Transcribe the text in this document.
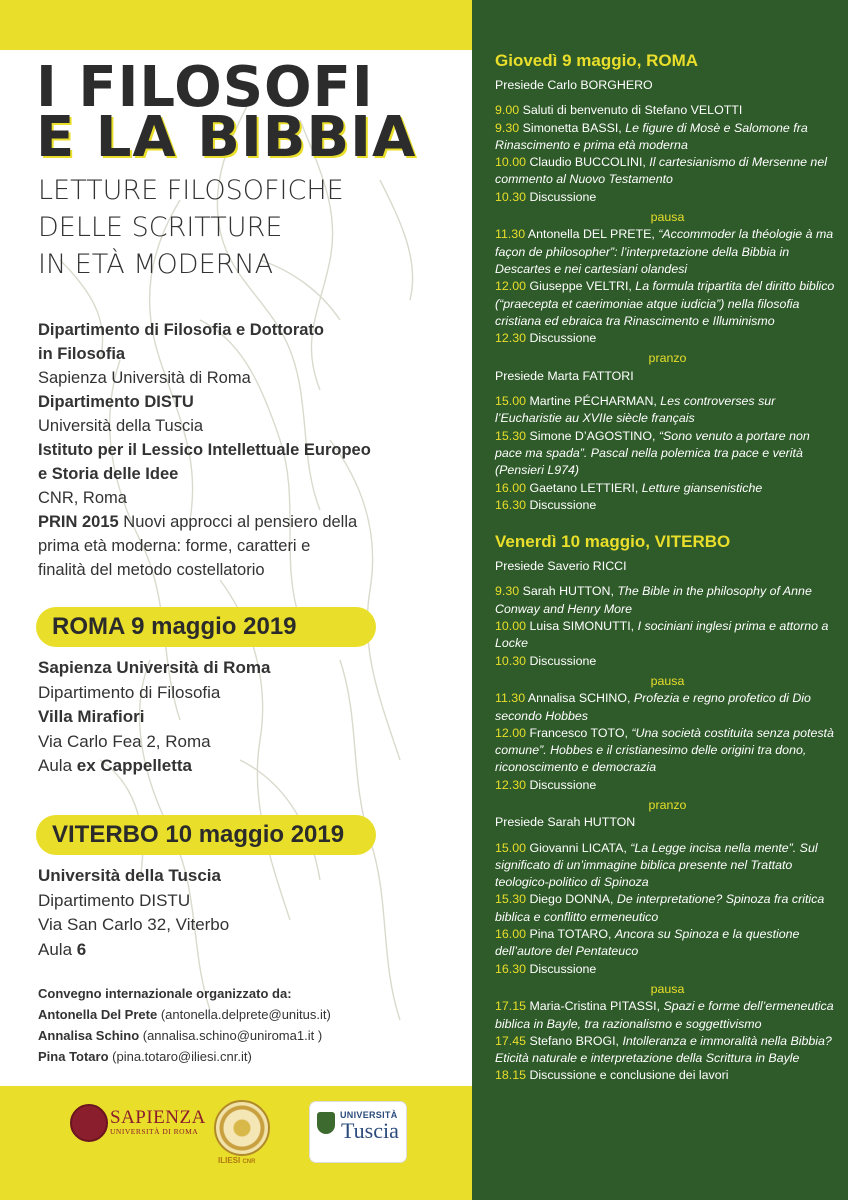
I FILOSOFI
E LA BIBBIA
LETTURE FILOSOFICHE
DELLE SCRITTURE
IN ETÀ MODERNA
Dipartimento di Filosofia e Dottorato
in Filosofia
Sapienza Università di Roma
Dipartimento DISTU
Università della Tuscia
Istituto per il Lessico Intellettuale Europeo
e Storia delle Idee
CNR, Roma
PRIN 2015 Nuovi approcci al pensiero della
prima età moderna: forme, caratteri e
finalità del metodo costellatorio
ROMA 9 maggio 2019
Sapienza Università di Roma
Dipartimento di Filosofia
Villa Mirafiori
Via Carlo Fea 2, Roma
Aula ex Cappelletta
VITERBO 10 maggio 2019
Università della Tuscia
Dipartimento DISTU
Via San Carlo 32, Viterbo
Aula 6
Convegno internazionale organizzato da:
Antonella Del Prete (antonella.delprete@unitus.it)
Annalisa Schino (annalisa.schino@uniroma1.it )
Pina Totaro (pina.totaro@iliesi.cnr.it)
SAPIENZA
UNIVERSITÀ DI ROMA
ILIESI CNR
UNIVERSITÀ
Tuscia
Giovedì 9 maggio, ROMA
Presiede Carlo BORGHERO
9.00 Saluti di benvenuto di Stefano VELOTTI
9.30 Simonetta BASSI, Le figure di Mosè e Salomone fra Rinascimento e prima età moderna
10.00 Claudio BUCCOLINI, Il cartesianismo di Mersenne nel commento al Nuovo Testamento
10.30 Discussione
pausa
11.30 Antonella DEL PRETE, “Accommoder la théologie à ma façon de philosopher”: l’interpretazione della Bibbia in Descartes e nei cartesiani olandesi
12.00 Giuseppe VELTRI, La formula tripartita del diritto biblico (“praecepta et caerimoniae atque iudicia”) nella filosofia cristiana ed ebraica tra Rinascimento e Illuminismo
12.30 Discussione
pranzo
Presiede Marta FATTORI
15.00 Martine PÉCHARMAN, Les controverses sur l’Eucharistie au XVIIe siècle français
15.30 Simone D’AGOSTINO, “Sono venuto a portare non pace ma spada”. Pascal nella polemica tra pace e verità (Pensieri L974)
16.00 Gaetano LETTIERI, Letture giansenistiche
16.30 Discussione
Venerdì 10 maggio, VITERBO
Presiede Saverio RICCI
9.30 Sarah HUTTON, The Bible in the philosophy of Anne Conway and Henry More
10.00 Luisa SIMONUTTI, I sociniani inglesi prima e attorno a Locke
10.30 Discussione
pausa
11.30 Annalisa SCHINO, Profezia e regno profetico di Dio secondo Hobbes
12.00 Francesco TOTO, “Una società costituita senza potestà comune”. Hobbes e il cristianesimo delle origini tra dono, riconoscimento e democrazia
12.30 Discussione
pranzo
Presiede Sarah HUTTON
15.00 Giovanni LICATA, “La Legge incisa nella mente”. Sul significato di un’immagine biblica presente nel Trattato teologico-politico di Spinoza
15.30 Diego DONNA, De interpretatione? Spinoza fra critica biblica e conflitto ermeneutico
16.00 Pina TOTARO, Ancora su Spinoza e la questione dell’autore del Pentateuco
16.30 Discussione
pausa
17.15 Maria-Cristina PITASSI, Spazi e forme dell’ermeneutica biblica in Bayle, tra razionalismo e soggettivismo
17.45 Stefano BROGI, Intolleranza e immoralità nella Bibbia? Eticità naturale e interpretazione della Scrittura in Bayle
18.15 Discussione e conclusione dei lavori
